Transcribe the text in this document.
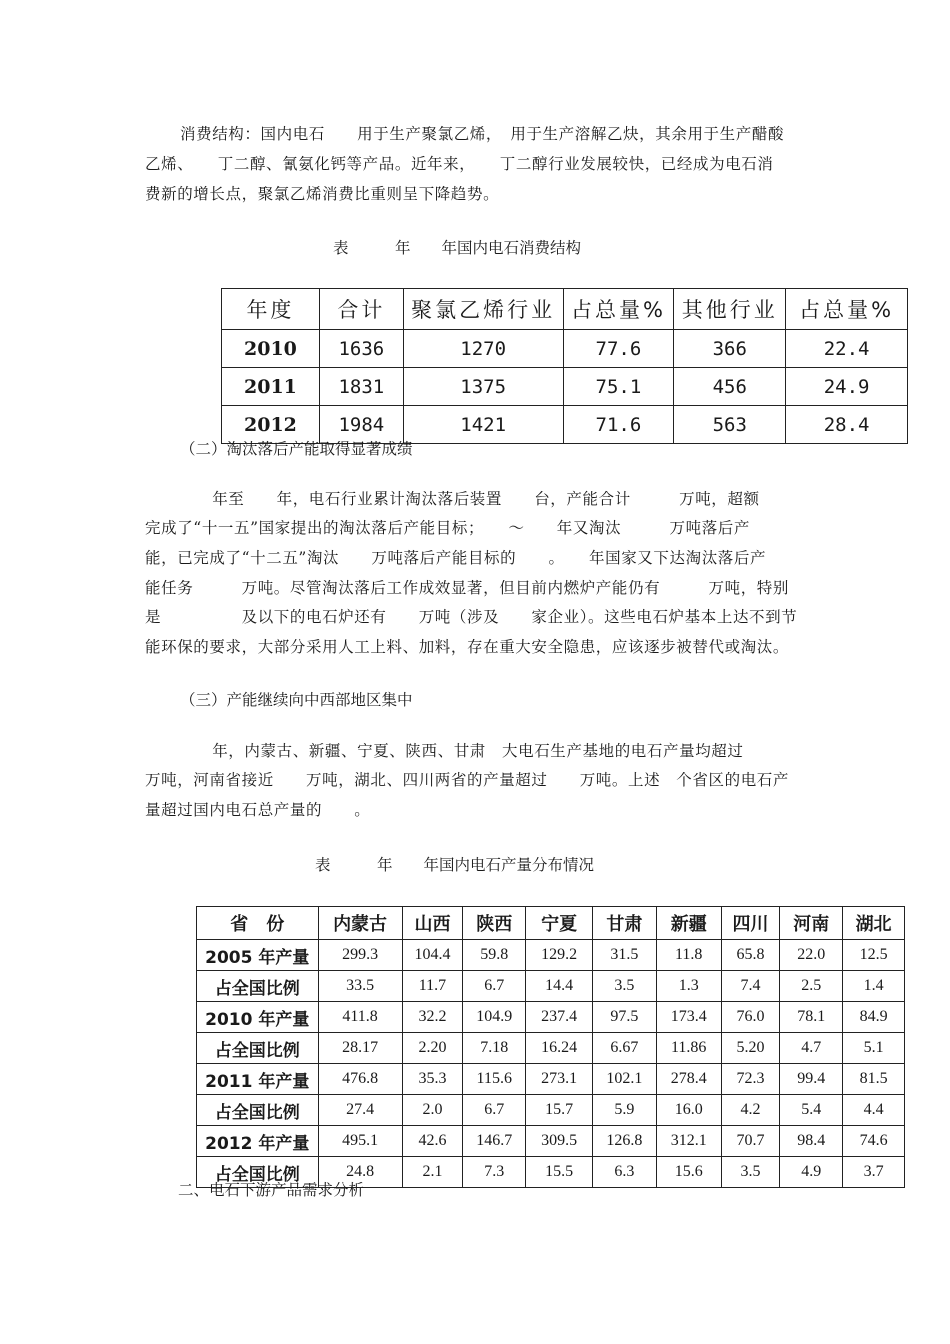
消费结构：国内电石　　用于生产聚氯乙烯，　用于生产溶解乙炔，其余用于生产醋酸
乙烯、　　丁二醇、氰氨化钙等产品。近年来，　　丁二醇行业发展较快，已经成为电石消
费新的增长点，聚氯乙烯消费比重则呈下降趋势。
表　　　年　　年国内电石消费结构
年度	合计	聚氯乙烯行业	占总量%	其他行业	占总量%
2010	1636	1270	77.6	366	22.4
2011	1831	1375	75.1	456	24.9
2012	1984	1421	71.6	563	28.4
（二）淘汰落后产能取得显著成绩
　　年至　　年，电石行业累计淘汰落后装置　　台，产能合计　　　万吨，超额
完成了“十一五”国家提出的淘汰落后产能目标；　　～　　年又淘汰　　　万吨落后产
能，已完成了“十二五”淘汰　　万吨落后产能目标的　　。　　年国家又下达淘汰落后产
能任务　　　万吨。尽管淘汰落后工作成效显著，但目前内燃炉产能仍有　　　万吨，特别
是　　　　　及以下的电石炉还有　　万吨（涉及　　家企业）。这些电石炉基本上达不到节
能环保的要求，大部分采用人工上料、加料，存在重大安全隐患，应该逐步被替代或淘汰。
（三）产能继续向中西部地区集中
　　年，内蒙古、新疆、宁夏、陕西、甘肃　大电石生产基地的电石产量均超过
万吨，河南省接近　　万吨，湖北、四川两省的产量超过　　万吨。上述　个省区的电石产
量超过国内电石总产量的　　。
表　　　年　　年国内电石产量分布情况
省　份	内蒙古	山西	陕西	宁夏	甘肃	新疆	四川	河南	湖北
2005 年产量	299.3	104.4	59.8	129.2	31.5	11.8	65.8	22.0	12.5
占全国比例	33.5	11.7	6.7	14.4	3.5	1.3	7.4	2.5	1.4
2010 年产量	411.8	32.2	104.9	237.4	97.5	173.4	76.0	78.1	84.9
占全国比例	28.17	2.20	7.18	16.24	6.67	11.86	5.20	4.7	5.1
2011 年产量	476.8	35.3	115.6	273.1	102.1	278.4	72.3	99.4	81.5
占全国比例	27.4	2.0	6.7	15.7	5.9	16.0	4.2	5.4	4.4
2012 年产量	495.1	42.6	146.7	309.5	126.8	312.1	70.7	98.4	74.6
占全国比例	24.8	2.1	7.3	15.5	6.3	15.6	3.5	4.9	3.7
二、电石下游产品需求分析
